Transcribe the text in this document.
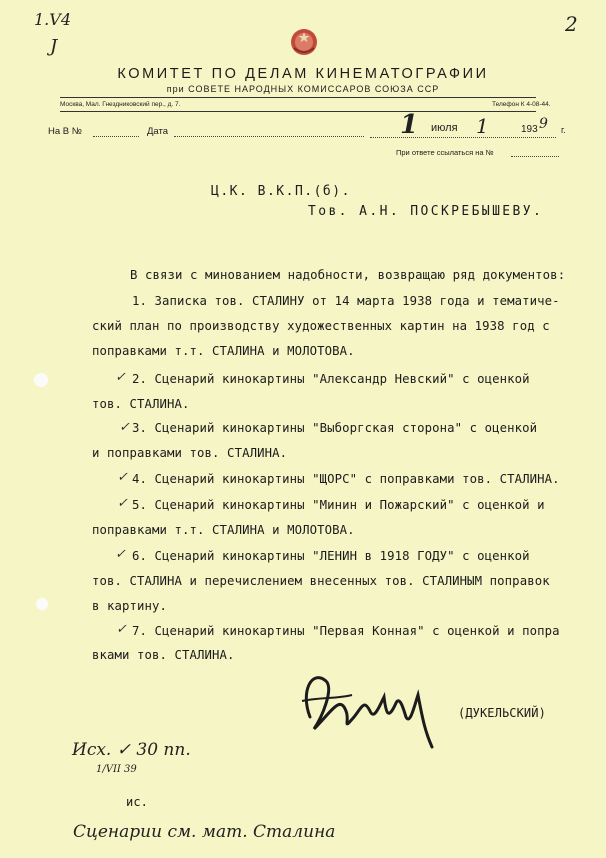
1.V4
J
2
КОМИТЕТ ПО ДЕЛАМ КИНЕМАТОГРАФИИ
при СОВЕТЕ НАРОДНЫХ КОМИССАРОВ СОЮЗА ССР
Москва, Мал. Гнездниковский пер., д. 7.	Телефон К 4-08-44.
На В №	Дата	1 июля 1	193 9 г.
При ответе ссылаться на №
Ц.К. В.К.П.(б).
Тов. А.Н. ПОСКРЕБЫШЕВУ.
В связи с минованием надобности, возвращаю ряд документов:
1. Записка тов. СТАЛИНУ от 14 марта 1938 года и тематиче-
ский план по производству художественных картин на 1938 год с
поправками т.т. СТАЛИНА и МОЛОТОВА.
2. Сценарий кинокартины "Александр Невский" с оценкой
тов. СТАЛИНА.
3. Сценарий кинокартины "Выборгская сторона" с оценкой
и поправками тов. СТАЛИНА.
4. Сценарий кинокартины "ЩОРС" с поправками тов. СТАЛИНА.
5. Сценарий кинокартины "Минин и Пожарский" с оценкой и
поправками т.т. СТАЛИНА и МОЛОТОВА.
6. Сценарий кинокартины "ЛЕНИН в 1918 ГОДУ" с оценкой
тов. СТАЛИНА и перечислением внесенных тов. СТАЛИНЫМ поправок
в картину.
7. Сценарий кинокартины "Первая Конная" с оценкой и попра
вками тов. СТАЛИНА.
✓
✓
✓
✓
✓
✓
(ДУКЕЛЬСКИЙ)
Исх. ✓ 30 пп.
1/VII 39
ис.
Сценарии см. мат. Сталина
